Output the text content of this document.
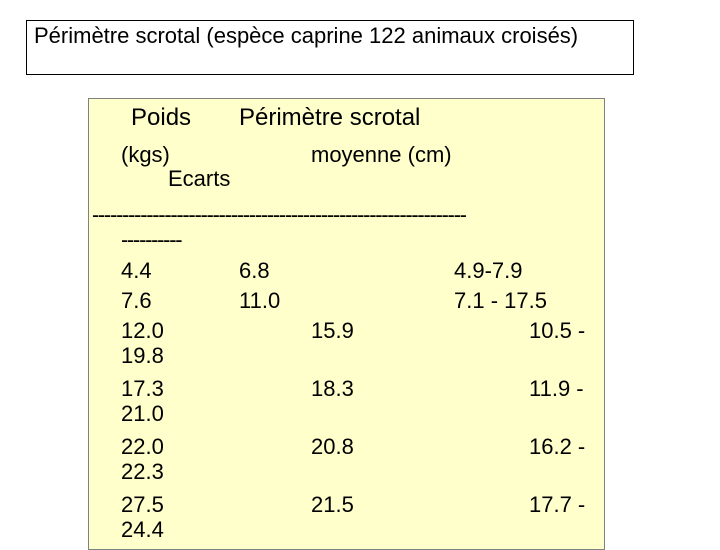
Périmètre scrotal (espèce caprine 122 animaux croisés)
Poids Périmètre scrotal
(kgs)	moyenne (cm)
Ecarts
--------------------------------------------------------------
----------
4.4	6.8	4.9-7.9
7.6	11.0	7.1 - 17.5
12.0	15.9	10.5 -
19.8
17.3	18.3	11.9 -
21.0
22.0	20.8	16.2 -
22.3
27.5	21.5	17.7 -
24.4
